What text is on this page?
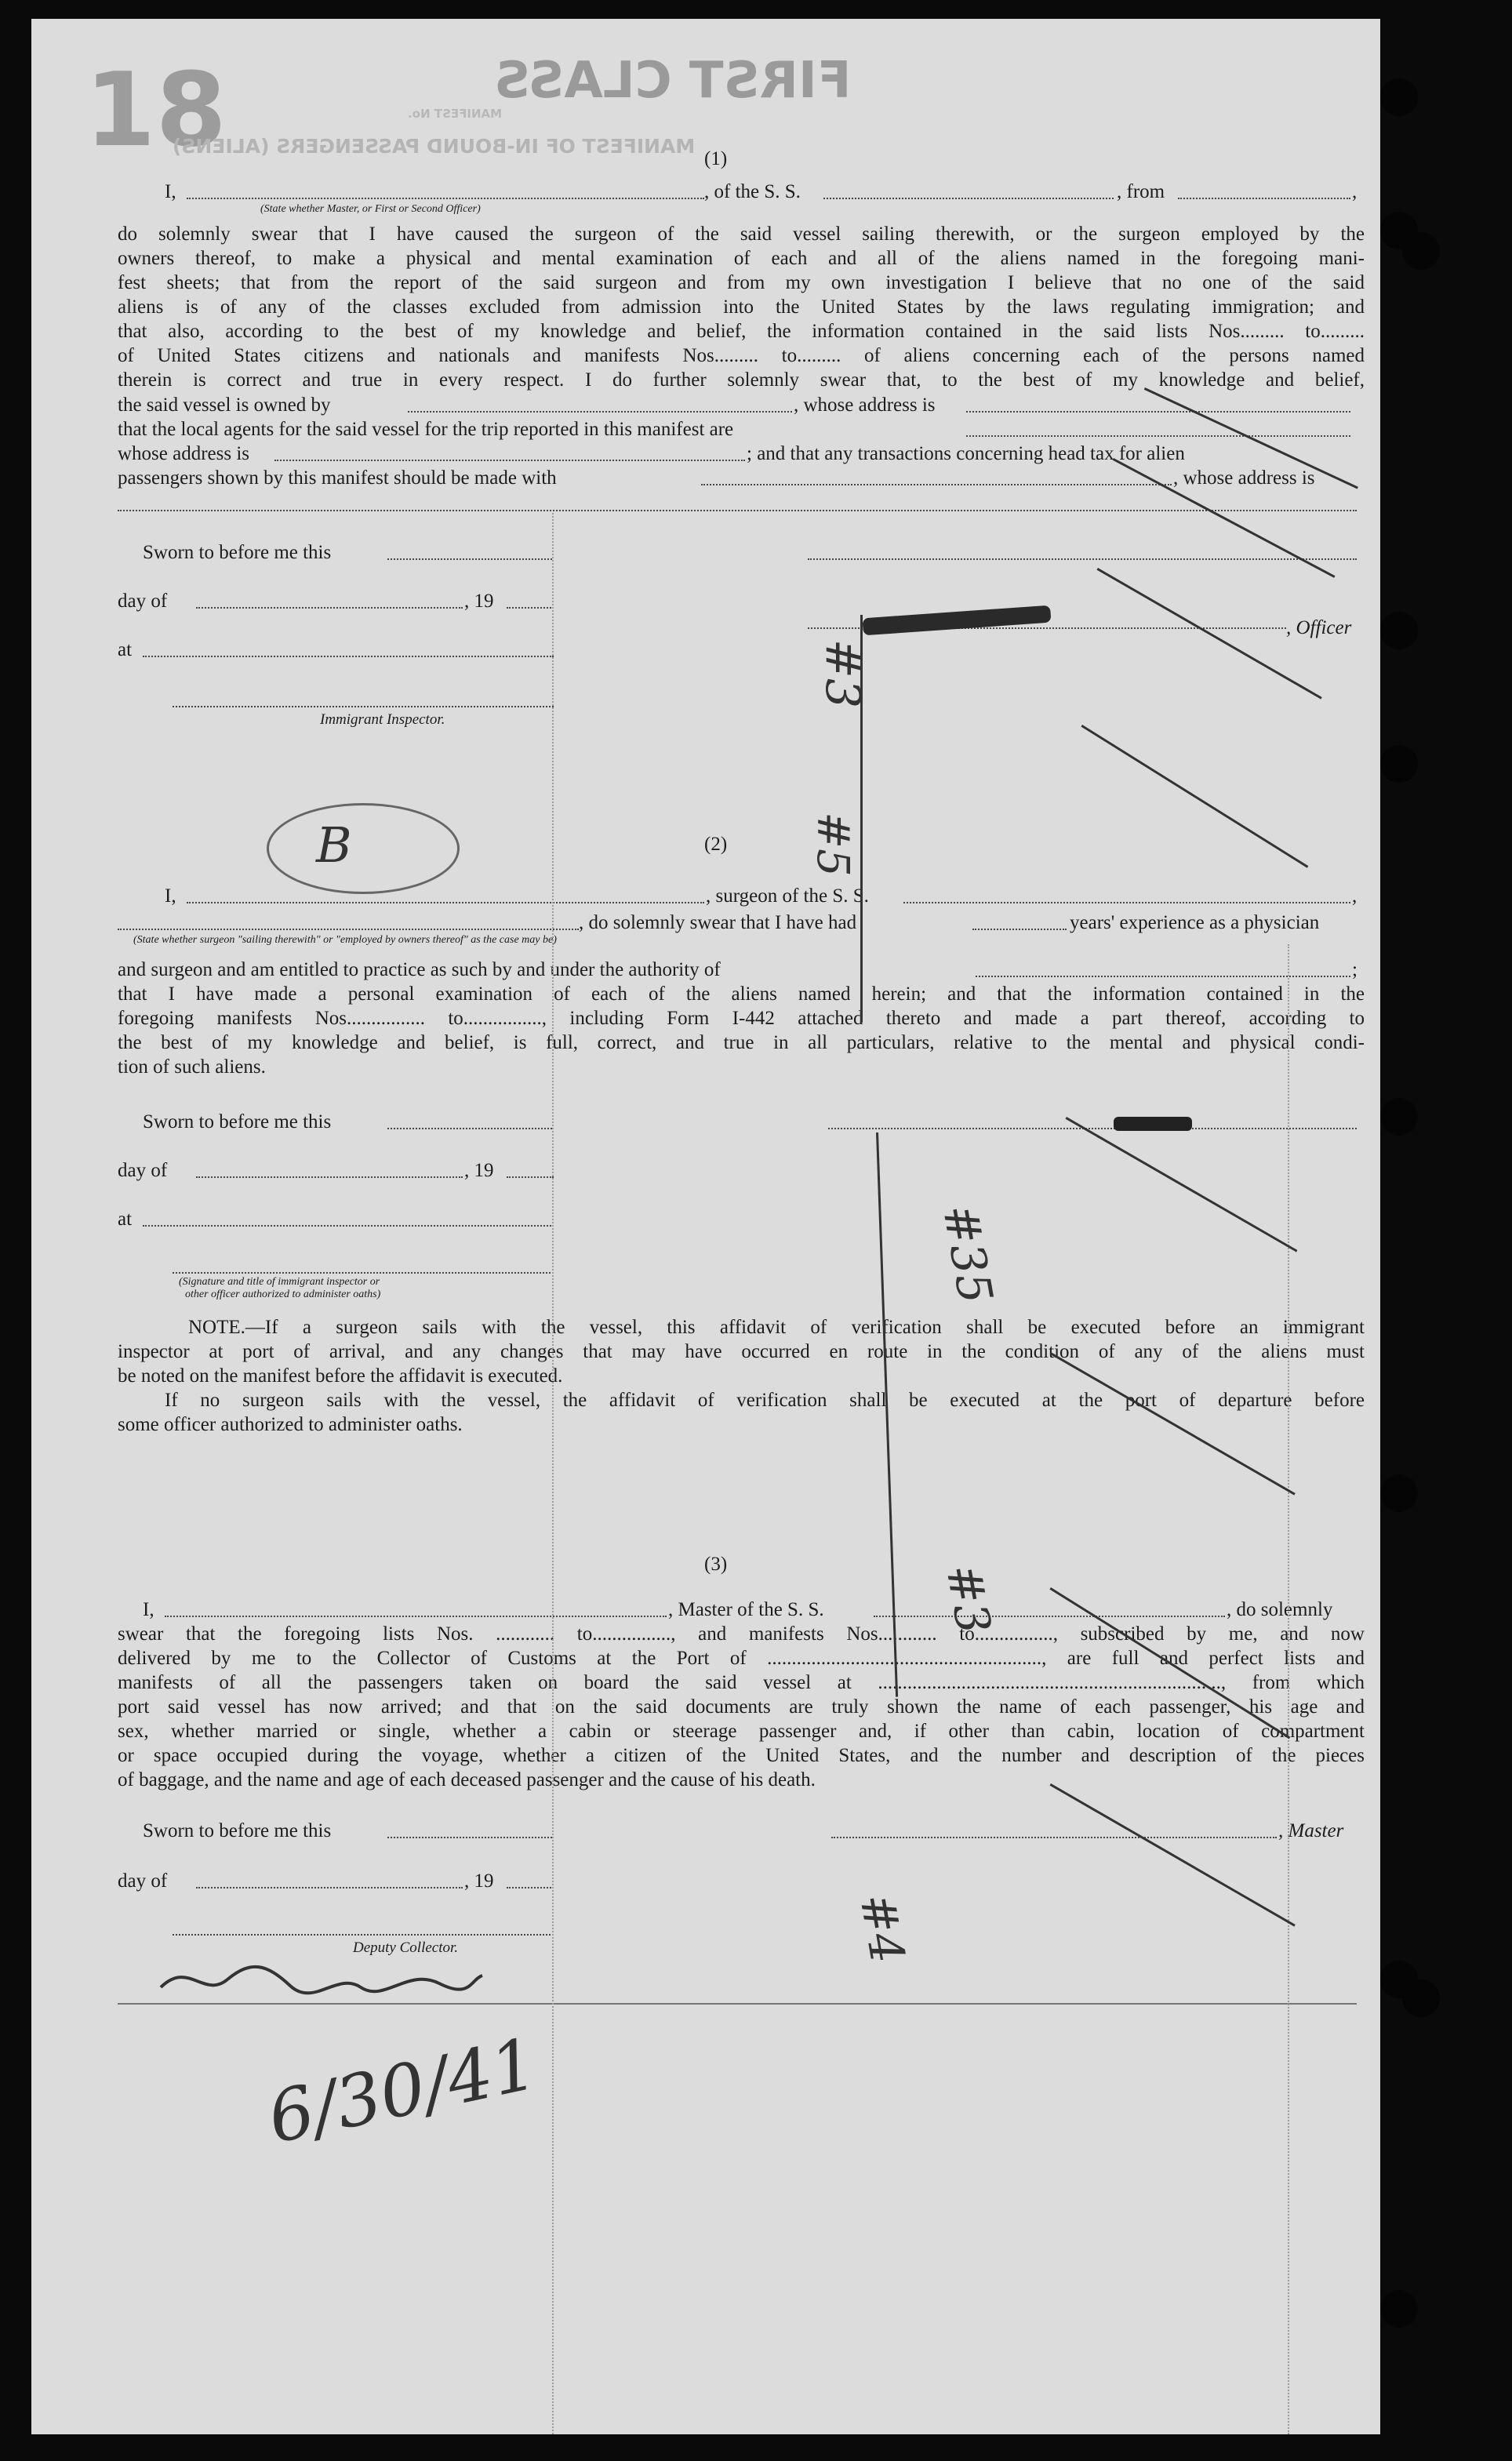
18	FIRST CLASS
MANIFEST OF IN-BOUND PASSENGERS (ALIENS)
MANIFEST No.
(1)
I,	, of the S. S.	, from	,
(State whether Master, or First or Second Officer)
do solemnly swear that I have caused the surgeon of the said vessel sailing therewith, or the surgeon employed by the
owners thereof, to make a physical and mental examination of each and all of the aliens named in the foregoing mani-
fest sheets; that from the report of the said surgeon and from my own investigation I believe that no one of the said
aliens is of any of the classes excluded from admission into the United States by the laws regulating immigration; and
that also, according to the best of my knowledge and belief, the information contained in the said lists Nos......... to.........
of United States citizens and nationals and manifests Nos......... to......... of aliens concerning each of the persons named
therein is correct and true in every respect. I do further solemnly swear that, to the best of my knowledge and belief,
the said vessel is owned by	, whose address is
that the local agents for the said vessel for the trip reported in this manifest are
whose address is	; and that any transactions concerning head tax for alien
passengers shown by this manifest should be made with	, whose address is
Sworn to before me this
day of	, 19
, Officer
at
Immigrant Inspector.
(2)
I,	, surgeon of the S. S.	,
, do solemnly swear that I have had	years' experience as a physician
(State whether surgeon "sailing therewith" or "employed by owners thereof" as the case may be)
and surgeon and am entitled to practice as such by and under the authority of	;
that I have made a personal examination of each of the aliens named herein; and that the information contained in the
foregoing manifests Nos................ to................, including Form I-442 attached thereto and made a part thereof, according to
the best of my knowledge and belief, is full, correct, and true in all particulars, relative to the mental and physical condi-
tion of such aliens.
Sworn to before me this
day of	, 19
at
(Signature and title of immigrant inspector or
other officer authorized to administer oaths)
NOTE.—If a surgeon sails with the vessel, this affidavit of verification shall be executed before an immigrant
inspector at port of arrival, and any changes that may have occurred en route in the condition of any of the aliens must
be noted on the manifest before the affidavit is executed.
If no surgeon sails with the vessel, the affidavit of verification shall be executed at the port of departure before
some officer authorized to administer oaths.
(3)
I,	, Master of the S. S.	, do solemnly
swear that the foregoing lists Nos. ............ to................, and manifests Nos............ to................, subscribed by me, and now
delivered by me to the Collector of Customs at the Port of ........................................................, are full and perfect lists and
manifests of all the passengers taken on board the said vessel at ......................................................................, from which
port said vessel has now arrived; and that on the said documents are truly shown the name of each passenger, his age and
sex, whether married or single, whether a cabin or steerage passenger and, if other than cabin, location of compartment
or space occupied during the voyage, whether a citizen of the United States, and the number and description of the pieces
of baggage, and the name and age of each deceased passenger and the cause of his death.
Sworn to before me this	, Master
day of	, 19
Deputy Collector.
#3
#35
#3
#4
#5
B
6/30/41
